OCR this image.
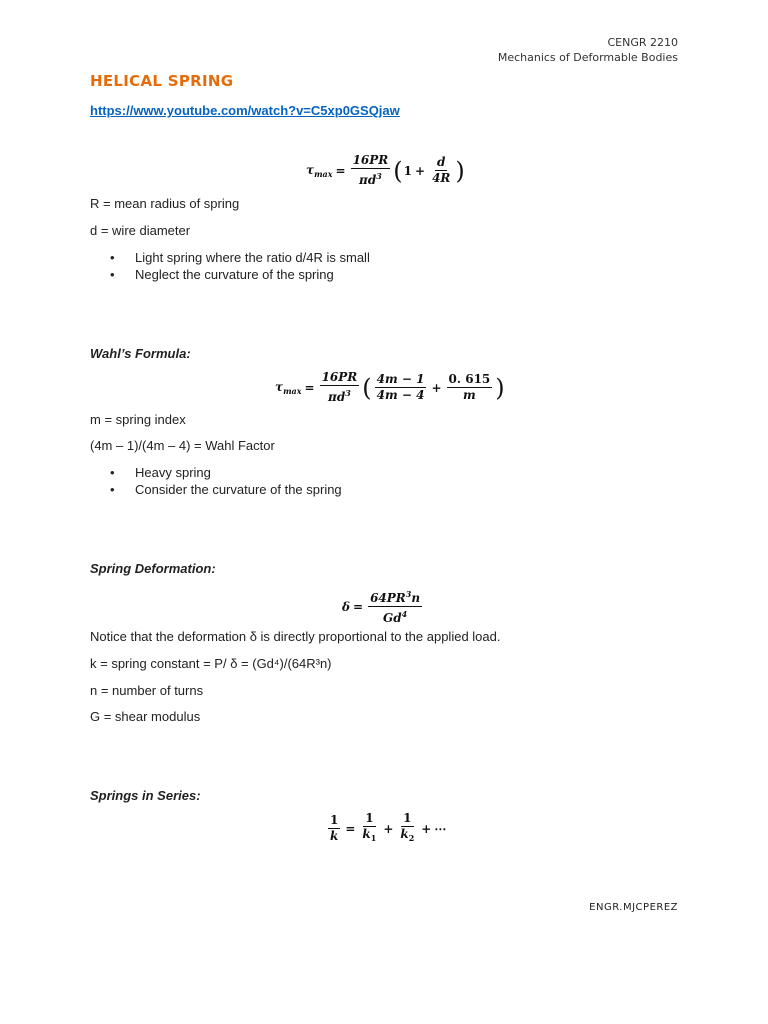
CENGR 2210
Mechanics of Deformable Bodies
HELICAL SPRING
https://www.youtube.com/watch?v=C5xp0GSQjaw
$\tau_{max} = \frac{16PR}{\pi d^3}$ ( $1 + \frac{d}{4R}$ )
R = mean radius of spring
d = wire diameter
• Light spring where the ratio d/4R is small
• Neglect the curvature of the spring
Wahl’s Formula:
$\tau_{max} = \frac{16PR}{\pi d^3}$ ( $\frac{4m - 1}{4m - 4} + \frac{0. 615}{m}$ )
m = spring index
(4m – 1)/(4m – 4) = Wahl Factor
• Heavy spring
• Consider the curvature of the spring
Spring Deformation:
$\delta = \frac{64PR^3n}{Gd^4}$
Notice that the deformation δ is directly proportional to the applied load.
k = spring constant = P/ δ = (Gd⁴)/(64R³n)
n = number of turns
G = shear modulus
Springs in Series:
$\frac{1}{k} = \frac{1}{k_1} + \frac{1}{k_2}$ + ⋯
ENGR.MJCPEREZ
